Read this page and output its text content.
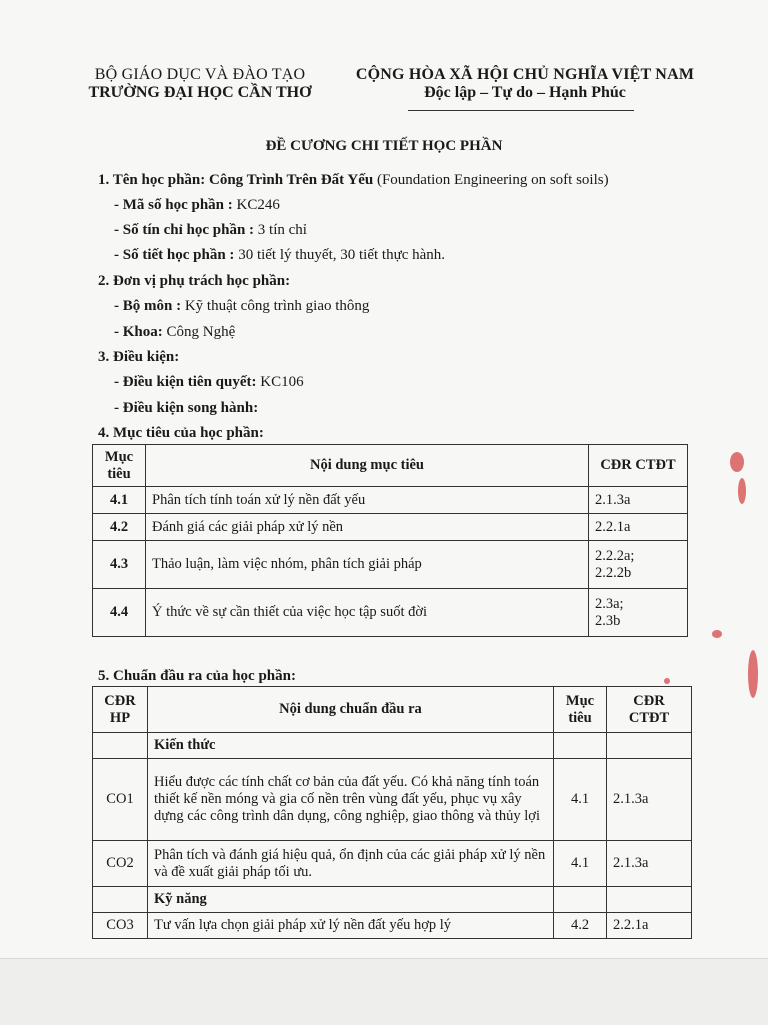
BỘ GIÁO DỤC VÀ ĐÀO TẠO
TRƯỜNG ĐẠI HỌC CẦN THƠ
CỘNG HÒA XÃ HỘI CHỦ NGHĨA VIỆT NAM
Độc lập – Tự do – Hạnh Phúc
ĐỀ CƯƠNG CHI TIẾT HỌC PHẦN
1. Tên học phần: Công Trình Trên Đất Yếu (Foundation Engineering on soft soils)
- Mã số học phần : KC246
- Số tín chỉ học phần : 3 tín chỉ
- Số tiết học phần : 30 tiết lý thuyết, 30 tiết thực hành.
2. Đơn vị phụ trách học phần:
- Bộ môn : Kỹ thuật công trình giao thông
- Khoa: Công Nghệ
3. Điều kiện:
- Điều kiện tiên quyết: KC106
- Điều kiện song hành:
4. Mục tiêu của học phần:
Mục tiêu	Nội dung mục tiêu	CĐR CTĐT
4.1	Phân tích tính toán xử lý nền đất yếu	2.1.3a
4.2	Đánh giá các giải pháp xử lý nền	2.2.1a
4.3	Thảo luận, làm việc nhóm, phân tích giải pháp	2.2.2a;
2.2.2b

4.4	Ý thức về sự cần thiết của việc học tập suốt đời	2.3a;
2.3b
5. Chuẩn đầu ra của học phần:
CĐR HP	Nội dung chuẩn đầu ra	Mục tiêu	CĐR CTĐT
	Kiến thức		
CO1	Hiểu được các tính chất cơ bản của đất yếu. Có khả năng tính toán thiết kế nền móng và gia cố nền trên vùng đất yếu, phục vụ xây dựng các công trình dân dụng, công nghiệp, giao thông và thủy lợi	4.1	2.1.3a
CO2	Phân tích và đánh giá hiệu quả, ổn định của các giải pháp xử lý nền và đề xuất giải pháp tối ưu.	4.1	2.1.3a
	Kỹ năng		
CO3	Tư vấn lựa chọn giải pháp xử lý nền đất yếu hợp lý	4.2	2.2.1a
